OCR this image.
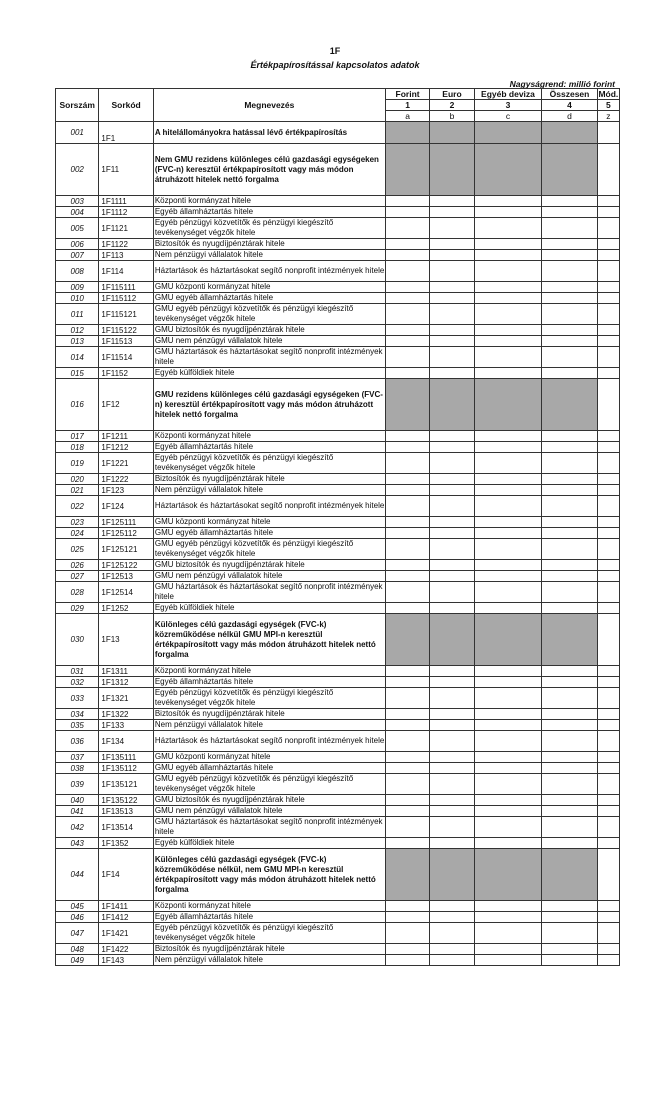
1F
Értékpapírosítással kapcsolatos adatok
Nagyságrend: millió forint
Sorszám	Sorkód	Megnevezés	Forint	Euro	Egyéb deviza	Összesen	Mód.
			1	2	3	4	5
			a	b	c	d	z
001	1F1	A hitelállományokra hatással lévő értékpapírosítás					
002	1F11	Nem GMU rezidens különleges célú gazdasági egységeken (FVC-n) keresztül értékpapírosított vagy más módon átruházott hitelek nettó forgalma					
003	1F1111	Központi kormányzat hitele					
004	1F1112	Egyéb államháztartás hitele					
005	1F1121	Egyéb pénzügyi közvetítők és pénzügyi kiegészítő tevékenységet végzők hitele					
006	1F1122	Biztosítók és nyugdíjpénztárak hitele					
007	1F113	Nem pénzügyi vállalatok hitele					
008	1F114	Háztartások és háztartásokat segítő nonprofit intézmények hitele					
009	1F115111	GMU központi kormányzat hitele					
010	1F115112	GMU egyéb államháztartás hitele					
011	1F115121	GMU egyéb pénzügyi közvetítők és pénzügyi kiegészítő tevékenységet végzők hitele					
012	1F115122	GMU biztosítók és nyugdíjpénztárak hitele					
013	1F11513	GMU nem pénzügyi vállalatok hitele					
014	1F11514	GMU háztartások és háztartásokat segítő nonprofit intézmények hitele					
015	1F1152	Egyéb külföldiek hitele					
016	1F12	GMU rezidens különleges célú gazdasági egységeken (FVC-n) keresztül értékpapírosított vagy más módon átruházott hitelek nettó forgalma					
017	1F1211	Központi kormányzat hitele					
018	1F1212	Egyéb államháztartás hitele					
019	1F1221	Egyéb pénzügyi közvetítők és pénzügyi kiegészítő tevékenységet végzők hitele					
020	1F1222	Biztosítók és nyugdíjpénztárak hitele					
021	1F123	Nem pénzügyi vállalatok hitele					
022	1F124	Háztartások és háztartásokat segítő nonprofit intézmények hitele					
023	1F125111	GMU központi kormányzat hitele					
024	1F125112	GMU egyéb államháztartás hitele					
025	1F125121	GMU egyéb pénzügyi közvetítők és pénzügyi kiegészítő tevékenységet végzők hitele					
026	1F125122	GMU biztosítók és nyugdíjpénztárak hitele					
027	1F12513	GMU nem pénzügyi vállalatok hitele					
028	1F12514	GMU háztartások és háztartásokat segítő nonprofit intézmények hitele					
029	1F1252	Egyéb külföldiek hitele					
030	1F13	Különleges célú gazdasági egységek (FVC-k) közreműködése nélkül GMU MPI-n keresztül értékpapírosított vagy más módon átruházott hitelek nettó forgalma					
031	1F1311	Központi kormányzat hitele					
032	1F1312	Egyéb államháztartás hitele					
033	1F1321	Egyéb pénzügyi közvetítők és pénzügyi kiegészítő tevékenységet végzők hitele					
034	1F1322	Biztosítók és nyugdíjpénztárak hitele					
035	1F133	Nem pénzügyi vállalatok hitele					
036	1F134	Háztartások és háztartásokat segítő nonprofit intézmények hitele					
037	1F135111	GMU központi kormányzat hitele					
038	1F135112	GMU egyéb államháztartás hitele					
039	1F135121	GMU egyéb pénzügyi közvetítők és pénzügyi kiegészítő tevékenységet végzők hitele					
040	1F135122	GMU biztosítók és nyugdíjpénztárak hitele					
041	1F13513	GMU nem pénzügyi vállalatok hitele					
042	1F13514	GMU háztartások és háztartásokat segítő nonprofit intézmények hitele					
043	1F1352	Egyéb külföldiek hitele					
044	1F14	Különleges célú gazdasági egységek (FVC-k) közreműködése nélkül, nem GMU MPI-n keresztül értékpapírosított vagy más módon átruházott hitelek nettó forgalma					
045	1F1411	Központi kormányzat hitele					
046	1F1412	Egyéb államháztartás hitele					
047	1F1421	Egyéb pénzügyi közvetítők és pénzügyi kiegészítő tevékenységet végzők hitele					
048	1F1422	Biztosítók és nyugdíjpénztárak hitele					
049	1F143	Nem pénzügyi vállalatok hitele					
